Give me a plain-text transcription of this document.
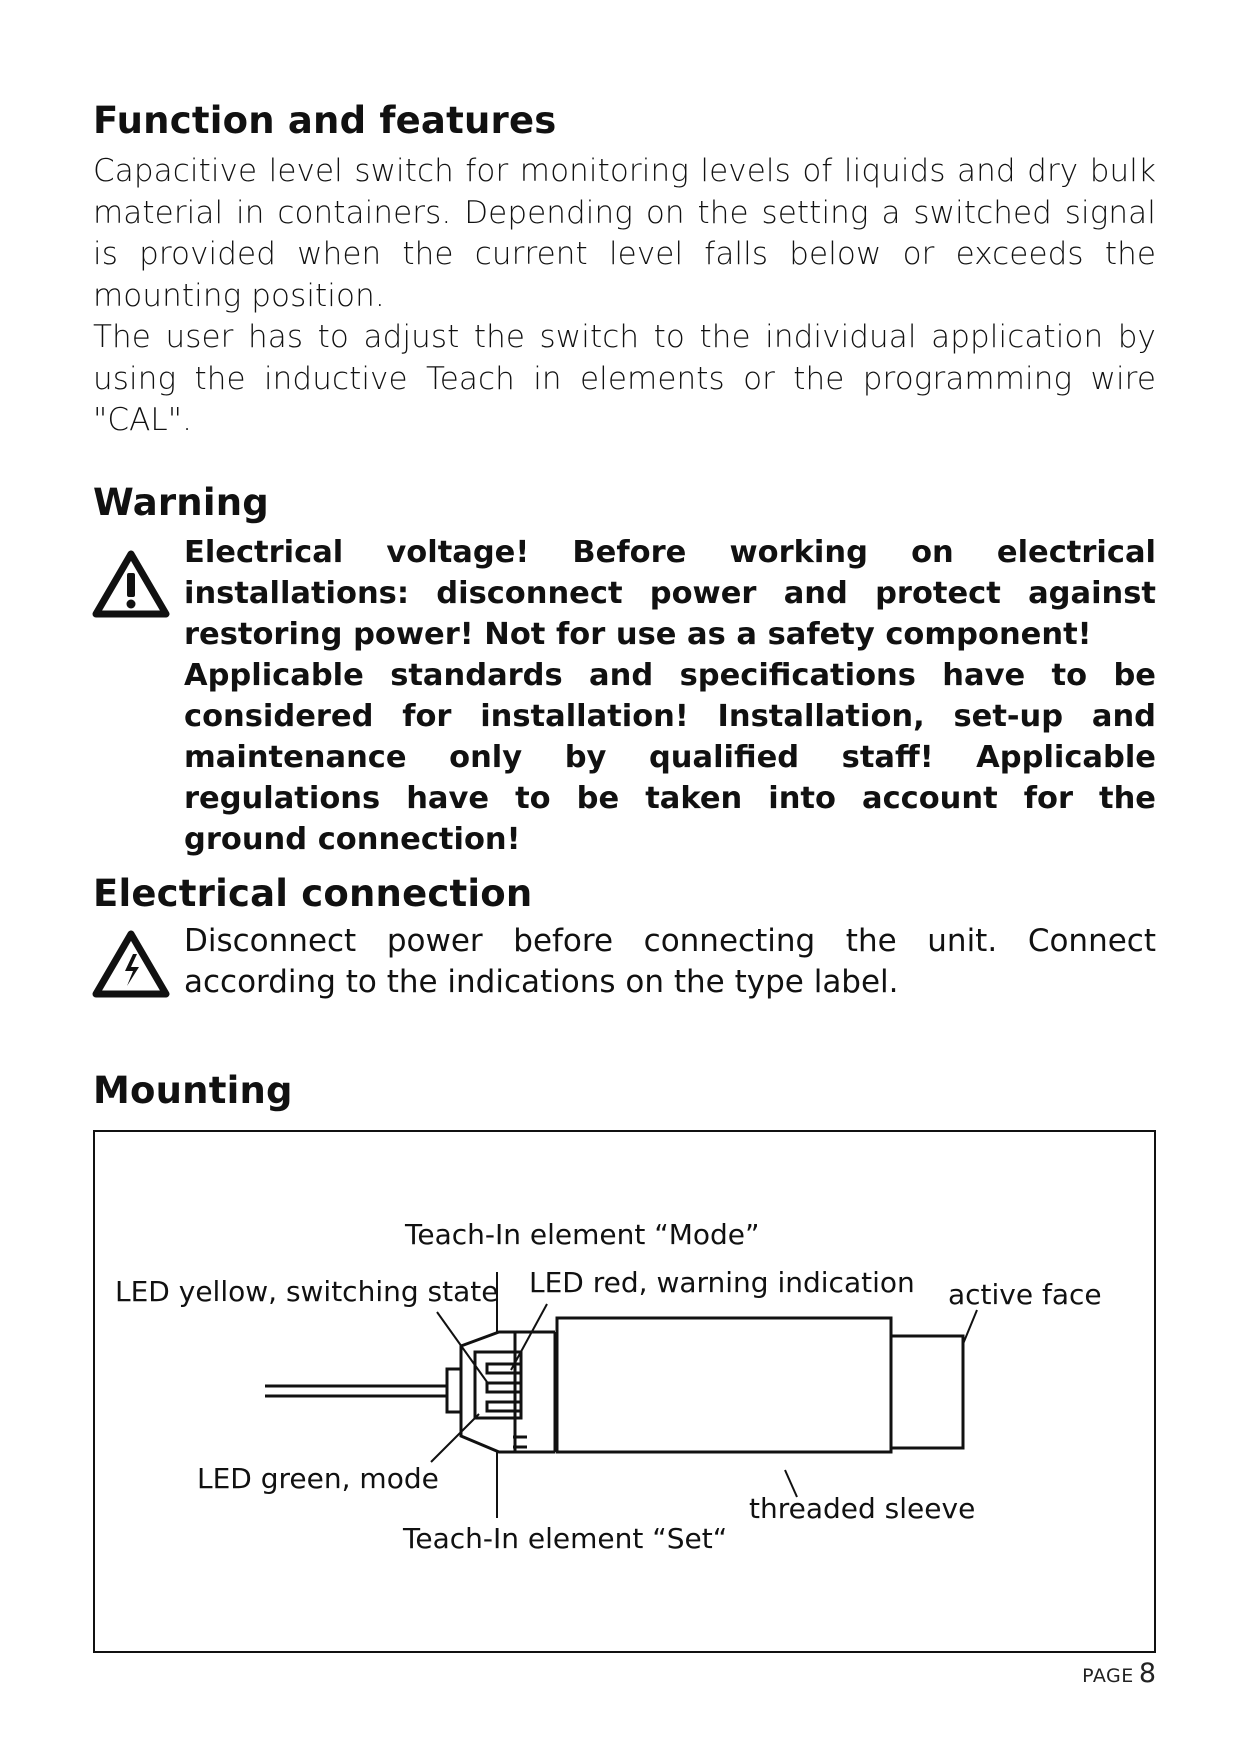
Function and features

Capacitive level switch for monitoring levels of liquids and dry bulk material in containers. Depending on the setting a switched signal is provided when the current level falls below or exceeds the mounting position.

The user has to adjust the switch to the individual application by using the inductive Teach in elements or the programming wire "CAL".

Warning

Electrical voltage! Before working on electrical installations: disconnect power and protect against restoring power! Not for use as a safety component!

Applicable standards and specifications have to be considered for installation! Installation, set-up and maintenance only by qualified staff! Applicable regulations have to be taken into account for the ground connection!

Electrical connection
Disconnect power before connecting the unit. Connect according to the indications on the type label.
Mounting
Teach-In element “Mode”
LED yellow, switching state LED red, warning indication active face
LED green, mode
threaded sleeve
Teach-In element “Set“
PAGE 8
